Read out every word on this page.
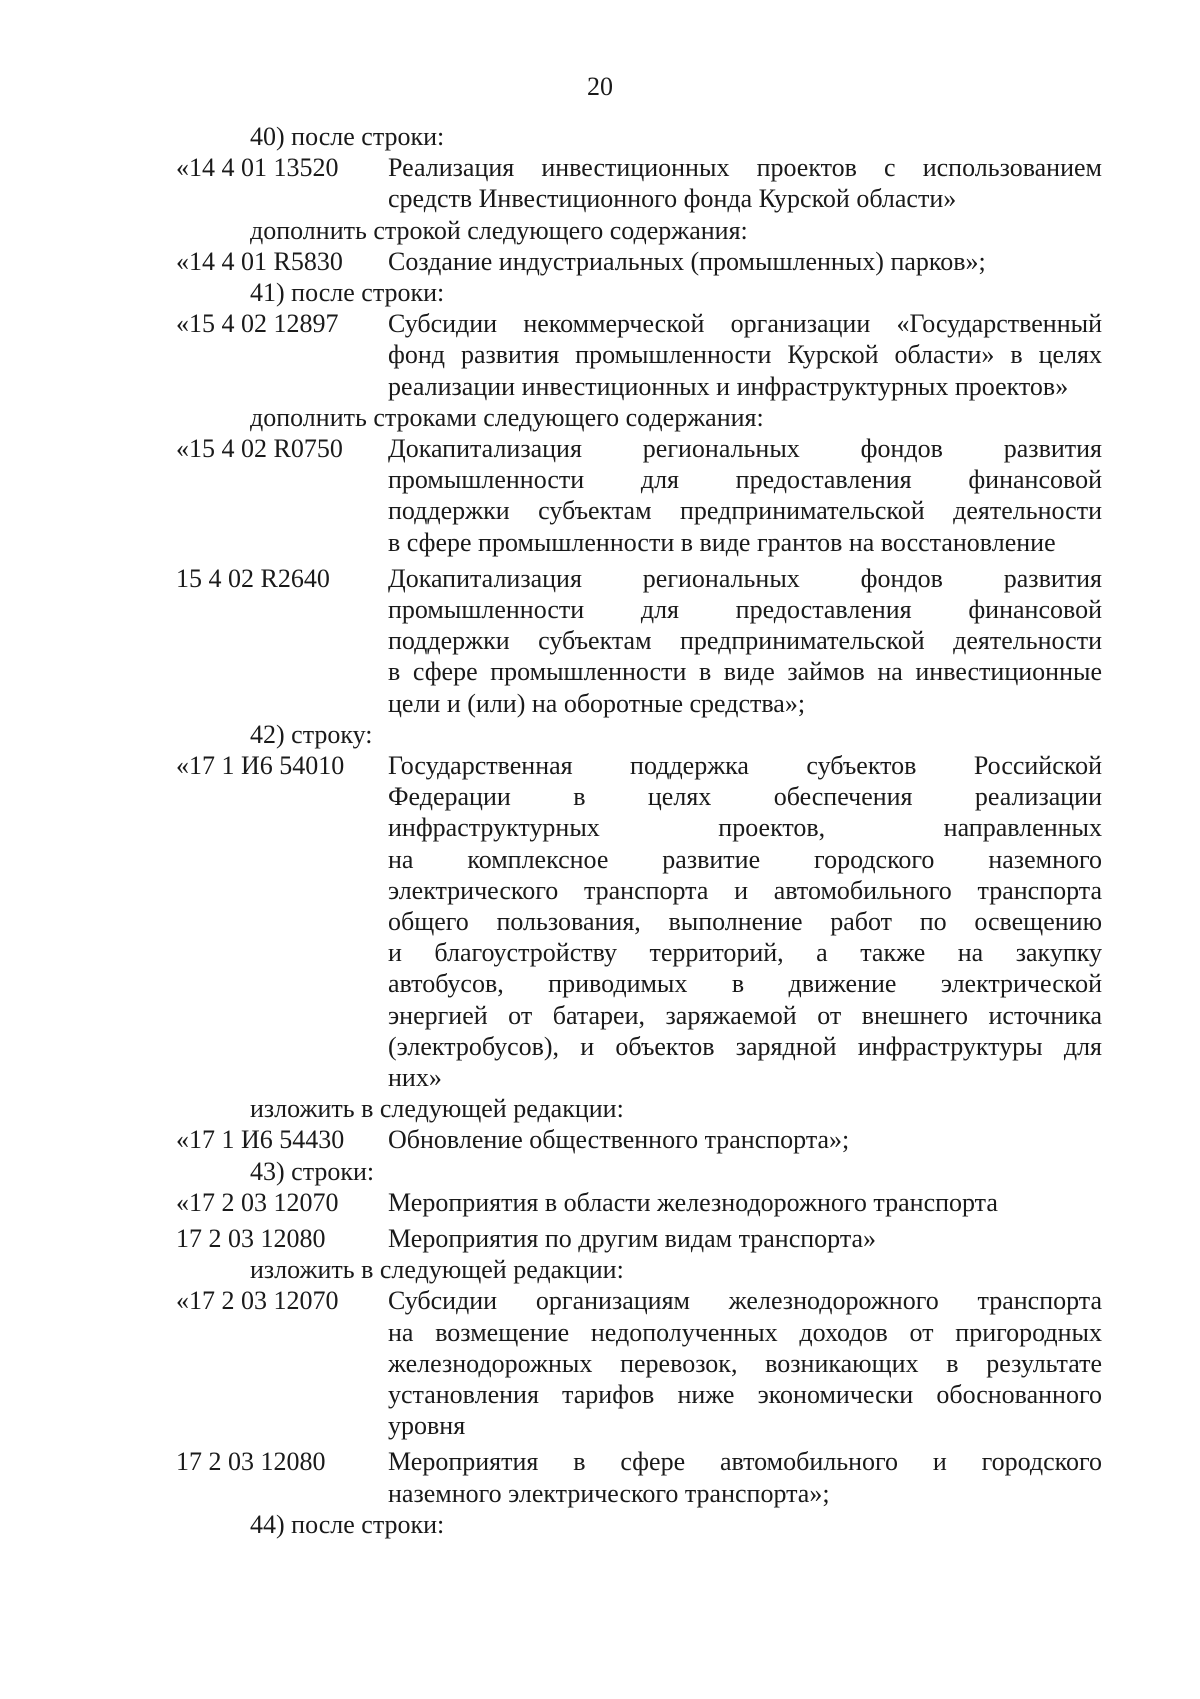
20
40) после строки:
«14 4 01 13520 Реализация инвестиционных проектов с использованием
средств Инвестиционного фонда Курской области»
дополнить строкой следующего содержания:
«14 4 01 R5830 Создание индустриальных (промышленных) парков»;
41) после строки:
«15 4 02 12897 Субсидии некоммерческой организации «Государственный
фонд развития промышленности Курской области» в целях
реализации инвестиционных и инфраструктурных проектов»
дополнить строками следующего содержания:
«15 4 02 R0750 Докапитализация региональных фондов развития
промышленности для предоставления финансовой
поддержки субъектам предпринимательской деятельности
в сфере промышленности в виде грантов на восстановление
15 4 02 R2640 Докапитализация региональных фондов развития
промышленности для предоставления финансовой
поддержки субъектам предпринимательской деятельности
в сфере промышленности в виде займов на инвестиционные
цели и (или) на оборотные средства»;
42) строку:
«17 1 И6 54010 Государственная поддержка субъектов Российской
Федерации в целях обеспечения реализации
инфраструктурных проектов, направленных
на комплексное развитие городского наземного
электрического транспорта и автомобильного транспорта
общего пользования, выполнение работ по освещению
и благоустройству территорий, а также на закупку
автобусов, приводимых в движение электрической
энергией от батареи, заряжаемой от внешнего источника
(электробусов), и объектов зарядной инфраструктуры для
них»
изложить в следующей редакции:
«17 1 И6 54430 Обновление общественного транспорта»;
43) строки:
«17 2 03 12070 Мероприятия в области железнодорожного транспорта
17 2 03 12080 Мероприятия по другим видам транспорта»
изложить в следующей редакции:
«17 2 03 12070 Субсидии организациям железнодорожного транспорта
на возмещение недополученных доходов от пригородных
железнодорожных перевозок, возникающих в результате
установления тарифов ниже экономически обоснованного
уровня
17 2 03 12080 Мероприятия в сфере автомобильного и городского
наземного электрического транспорта»;
44) после строки:
